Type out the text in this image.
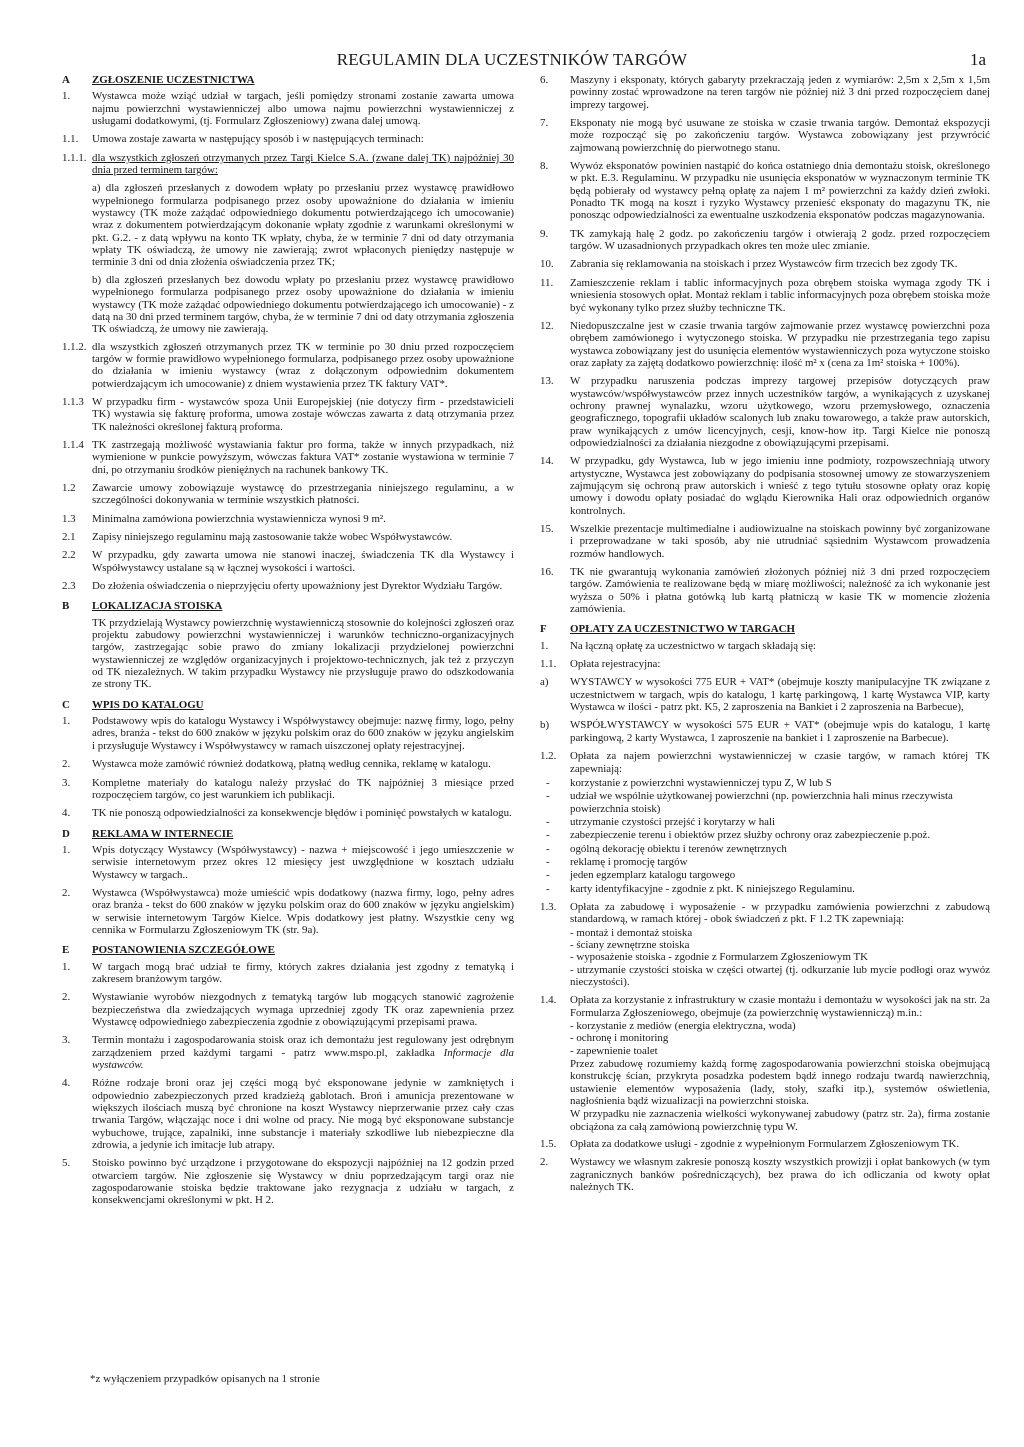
REGULAMIN DLA UCZESTNIKÓW TARGÓW	1a
A ZGŁOSZENIE UCZESTNICTWA
1. Wystawca może wziąć udział w targach, jeśli pomiędzy stronami zostanie zawarta umowa najmu powierzchni wystawienniczej albo umowa najmu powierzchni wystawienniczej z usługami dodatkowymi, (tj. Formularz Zgłoszeniowy) zwana dalej umową.
1.1. Umowa zostaje zawarta w następujący sposób i w następujących terminach:
1.1.1. dla wszystkich zgłoszeń otrzymanych przez Targi Kielce S.A. (zwane dalej TK) najpóźniej 30 dnia przed terminem targów:
a) dla zgłoszeń przesłanych z dowodem wpłaty po przesłaniu przez wystawcę prawidłowo wypełnionego formularza podpisanego przez osoby upoważnione do działania w imieniu wystawcy (TK może zażądać odpowiedniego dokumentu potwierdzającego ich umocowanie) wraz z dokumentem potwierdzającym dokonanie wpłaty zgodnie z warunkami określonymi w pkt. G.2. - z datą wpływu na konto TK wpłaty, chyba, że w terminie 7 dni od daty otrzymania wpłaty TK oświadczą, że umowy nie zawierają; zwrot wpłaconych pieniędzy następuje w terminie 3 dni od dnia złożenia oświadczenia przez TK;
b) dla zgłoszeń przesłanych bez dowodu wpłaty po przesłaniu przez wystawcę prawidłowo wypełnionego formularza podpisanego przez osoby upoważnione do działania w imieniu wystawcy (TK może zażądać odpowiedniego dokumentu potwierdzającego ich umocowanie) - z datą na 30 dni przed terminem targów, chyba, że w terminie 7 dni od daty otrzymania zgłoszenia TK oświadczą, że umowy nie zawierają.
1.1.2. dla wszystkich zgłoszeń otrzymanych przez TK w terminie po 30 dniu przed rozpoczęciem targów w formie prawidłowo wypełnionego formularza, podpisanego przez osoby upoważnione do działania w imieniu wystawcy (wraz z dołączonym odpowiednim dokumentem potwierdzającym ich umocowanie) z dniem wystawienia przez TK faktury VAT*.
1.1.3 W przypadku firm - wystawców spoza Unii Europejskiej (nie dotyczy firm - przedstawicieli TK) wystawia się fakturę proforma, umowa zostaje wówczas zawarta z datą otrzymania przez TK należności określonej fakturą proforma.
1.1.4 TK zastrzegają możliwość wystawiania faktur pro forma, także w innych przypadkach, niż wymienione w punkcie powyższym, wówczas faktura VAT* zostanie wystawiona w terminie 7 dni, po otrzymaniu środków pieniężnych na rachunek bankowy TK.
1.2 Zawarcie umowy zobowiązuje wystawcę do przestrzegania niniejszego regulaminu, a w szczególności dokonywania w terminie wszystkich płatności.
1.3 Minimalna zamówiona powierzchnia wystawiennicza wynosi 9 m².
2.1 Zapisy niniejszego regulaminu mają zastosowanie także wobec Współwystawców.
2.2 W przypadku, gdy zawarta umowa nie stanowi inaczej, świadczenia TK dla Wystawcy i Współwystawcy ustalane są w łącznej wysokości i wartości.
2.3 Do złożenia oświadczenia o nieprzyjęciu oferty upoważniony jest Dyrektor Wydziału Targów.
B LOKALIZACJA STOISKA
TK przydzielają Wystawcy powierzchnię wystawienniczą stosownie do kolejności zgłoszeń oraz projektu zabudowy powierzchni wystawienniczej i warunków techniczno-organizacyjnych targów, zastrzegając sobie prawo do zmiany lokalizacji przydzielonej powierzchni wystawienniczej ze względów organizacyjnych i projektowo-technicznych, jak też z przyczyn od TK niezależnych. W takim przypadku Wystawcy nie przysługuje prawo do odszkodowania ze strony TK.
C WPIS DO KATALOGU
1. Podstawowy wpis do katalogu Wystawcy i Współwystawcy obejmuje: nazwę firmy, logo, pełny adres, branża - tekst do 600 znaków w języku polskim oraz do 600 znaków w języku angielskim i przysługuje Wystawcy i Współwystawcy w ramach uiszczonej opłaty rejestracyjnej.
2. Wystawca może zamówić również dodatkową, płatną według cennika, reklamę w katalogu.
3. Kompletne materiały do katalogu należy przysłać do TK najpóźniej 3 miesiące przed rozpoczęciem targów, co jest warunkiem ich publikacji.
4. TK nie ponoszą odpowiedzialności za konsekwencje błędów i pominięć powstałych w katalogu.
D REKLAMA W INTERNECIE
1. Wpis dotyczący Wystawcy (Współwystawcy) - nazwa + miejscowość i jego umieszczenie w serwisie internetowym przez okres 12 miesięcy jest uwzględnione w kosztach udziału Wystawcy w targach..
2. Wystawca (Współwystawca) może umieścić wpis dodatkowy (nazwa firmy, logo, pełny adres oraz branża - tekst do 600 znaków w języku polskim oraz do 600 znaków w języku angielskim) w serwisie internetowym Targów Kielce. Wpis dodatkowy jest płatny. Wszystkie ceny wg cennika w Formularzu Zgłoszeniowym TK (str. 9a).
E POSTANOWIENIA SZCZEGÓŁOWE
1. W targach mogą brać udział te firmy, których zakres działania jest zgodny z tematyką i zakresem branżowym targów.
2. Wystawianie wyrobów niezgodnych z tematyką targów lub mogących stanowić zagrożenie bezpieczeństwa dla zwiedzających wymaga uprzedniej zgody TK oraz zapewnienia przez Wystawcę odpowiedniego zabezpieczenia zgodnie z obowiązującymi przepisami prawa.
3. Termin montażu i zagospodarowania stoisk oraz ich demontażu jest regulowany jest odrębnym zarządzeniem przed każdymi targami - patrz www.mspo.pl, zakładka Informacje dla wystawców.
4. Różne rodzaje broni oraz jej części mogą być eksponowane jedynie w zamkniętych i odpowiednio zabezpieczonych przed kradzieżą gablotach. Broń i amunicja prezentowane w większych ilościach muszą być chronione na koszt Wystawcy nieprzerwanie przez cały czas trwania Targów, włączając noce i dni wolne od pracy. Nie mogą być eksponowane substancje wybuchowe, trujące, zapalniki, inne substancje i materiały szkodliwe lub niebezpieczne dla zdrowia, a jedynie ich imitacje lub atrapy.
5. Stoisko powinno być urządzone i przygotowane do ekspozycji najpóźniej na 12 godzin przed otwarciem targów. Nie zgłoszenie się Wystawcy w dniu poprzedzającym targi oraz nie zagospodarowanie stoiska będzie traktowane jako rezygnacja z udziału w targach, z konsekwencjami określonymi w pkt. H 2.
6. Maszyny i eksponaty, których gabaryty przekraczają jeden z wymiarów: 2,5m x 2,5m x 1,5m powinny zostać wprowadzone na teren targów nie później niż 3 dni przed rozpoczęciem danej imprezy targowej.
7. Eksponaty nie mogą być usuwane ze stoiska w czasie trwania targów. Demontaż ekspozycji może rozpocząć się po zakończeniu targów. Wystawca zobowiązany jest przywrócić zajmowaną powierzchnię do pierwotnego stanu.
8. Wywóz eksponatów powinien nastąpić do końca ostatniego dnia demontażu stoisk, określonego w pkt. E.3. Regulaminu. W przypadku nie usunięcia eksponatów w wyznaczonym terminie TK będą pobierały od wystawcy pełną opłatę za najem 1 m² powierzchni za każdy dzień zwłoki. Ponadto TK mogą na koszt i ryzyko Wystawcy przenieść eksponaty do magazynu TK, nie ponosząc odpowiedzialności za ewentualne uszkodzenia eksponatów podczas magazynowania.
9. TK zamykają halę 2 godz. po zakończeniu targów i otwierają 2 godz. przed rozpoczęciem targów. W uzasadnionych przypadkach okres ten może ulec zmianie.
10. Zabrania się reklamowania na stoiskach i przez Wystawców firm trzecich bez zgody TK.
11. Zamieszczenie reklam i tablic informacyjnych poza obrębem stoiska wymaga zgody TK i wniesienia stosowych opłat. Montaż reklam i tablic informacyjnych poza obrębem stoiska może być wykonany tylko przez służby techniczne TK.
12. Niedopuszczalne jest w czasie trwania targów zajmowanie przez wystawcę powierzchni poza obrębem zamówionego i wytyczonego stoiska. W przypadku nie przestrzegania tego zapisu wystawca zobowiązany jest do usunięcia elementów wystawienniczych poza wytyczone stoisko oraz zapłaty za zajętą dodatkowo powierzchnię: ilość m² x (cena za 1m² stoiska + 100%).
13. W przypadku naruszenia podczas imprezy targowej przepisów dotyczących praw wystawców/współwystawców przez innych uczestników targów, a wynikających z uzyskanej ochrony prawnej wynalazku, wzoru użytkowego, wzoru przemysłowego, oznaczenia geograficznego, topografii układów scalonych lub znaku towarowego, a także praw autorskich, praw wynikających z umów licencyjnych, cesji, know-how itp. Targi Kielce nie ponoszą odpowiedzialności za działania niezgodne z obowiązującymi przepisami.
14. W przypadku, gdy Wystawca, lub w jego imieniu inne podmioty, rozpowszechniają utwory artystyczne, Wystawca jest zobowiązany do podpisania stosownej umowy ze stowarzyszeniem zajmującym się ochroną praw autorskich i wnieść z tego tytułu stosowne opłaty oraz kopię umowy i dowodu opłaty posiadać do wglądu Kierownika Hali oraz odpowiednich organów kontrolnych.
15. Wszelkie prezentacje multimedialne i audiowizualne na stoiskach powinny być zorganizowane i przeprowadzane w taki sposób, aby nie utrudniać sąsiednim Wystawcom prowadzenia rozmów handlowych.
16. TK nie gwarantują wykonania zamówień złożonych później niż 3 dni przed rozpoczęciem targów. Zamówienia te realizowane będą w miarę możliwości; należność za ich wykonanie jest wyższa o 50% i płatna gotówką lub kartą płatniczą w kasie TK w momencie złożenia zamówienia.
F OPŁATY ZA UCZESTNICTWO W TARGACH
1. Na łączną opłatę za uczestnictwo w targach składają się:
1.1. Opłata rejestracyjna:
a) WYSTAWCY w wysokości 775 EUR + VAT* (obejmuje koszty manipulacyjne TK związane z uczestnictwem w targach, wpis do katalogu, 1 kartę parkingową, 1 kartę Wystawca VIP, karty Wystawca w ilości - patrz pkt. K5, 2 zaproszenia na Bankiet i 2 zaproszenia na Barbecue),
b) WSPÓŁWYSTAWCY w wysokości 575 EUR + VAT* (obejmuje wpis do katalogu, 1 kartę parkingową, 2 karty Wystawca, 1 zaproszenie na bankiet i 1 zaproszenie na Barbecue).
1.2. Opłata za najem powierzchni wystawienniczej w czasie targów, w ramach której TK zapewniają:
- korzystanie z powierzchni wystawienniczej typu Z, W lub S
- udział we wspólnie użytkowanej powierzchni (np. powierzchnia hali minus rzeczywista powierzchnia stoisk)
- utrzymanie czystości przejść i korytarzy w hali
- zabezpieczenie terenu i obiektów przez służby ochrony oraz zabezpieczenie p.poż.
- ogólną dekorację obiektu i terenów zewnętrznych
- reklamę i promocję targów
- jeden egzemplarz katalogu targowego
- karty identyfikacyjne - zgodnie z pkt. K niniejszego Regulaminu.
1.3. Opłata za zabudowę i wyposażenie - w przypadku zamówienia powierzchni z zabudową standardową, w ramach której - obok świadczeń z pkt. F 1.2 TK zapewniają:
- montaż i demontaż stoiska
- ściany zewnętrzne stoiska
- wyposażenie stoiska - zgodnie z Formularzem Zgłoszeniowym TK
- utrzymanie czystości stoiska w części otwartej (tj. odkurzanie lub mycie podłogi oraz wywóz nieczystości).
1.4. Opłata za korzystanie z infrastruktury w czasie montażu i demontażu w wysokości jak na str. 2a Formularza Zgłoszeniowego, obejmuje (za powierzchnię wystawienniczą) m.in.:
- korzystanie z mediów (energia elektryczna, woda)
- ochronę i monitoring
- zapewnienie toalet
Przez zabudowę rozumiemy każdą formę zagospodarowania powierzchni stoiska obejmującą konstrukcję ścian, przykryta posadzka podestem bądź innego rodzaju twardą nawierzchnią, ustawienie elementów wyposażenia (lady, stoły, szafki itp.), systemów oświetlenia, nagłośnienia bądź wizualizacji na powierzchni stoiska.
W przypadku nie zaznaczenia wielkości wykonywanej zabudowy (patrz str. 2a), firma zostanie obciążona za całą zamówioną powierzchnię typu W.
1.5. Opłata za dodatkowe usługi - zgodnie z wypełnionym Formularzem Zgłoszeniowym TK.
2. Wystawcy we własnym zakresie ponoszą koszty wszystkich prowizji i opłat bankowych (w tym zagranicznych banków pośredniczących), bez prawa do ich odliczania od kwoty opłat należnych TK.
*z wyłączeniem przypadków opisanych na 1 stronie
